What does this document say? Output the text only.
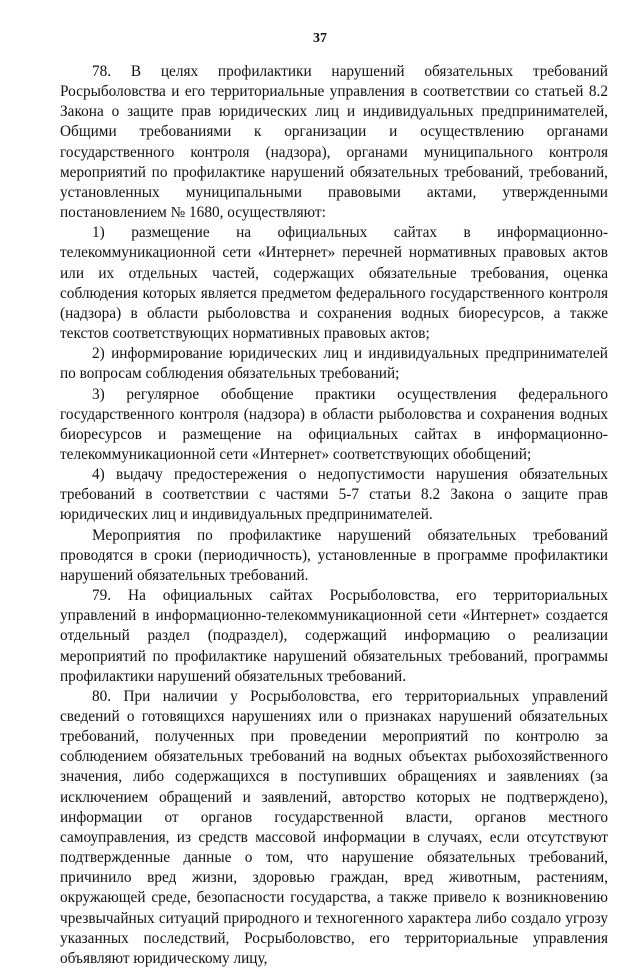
37

78. В целях профилактики нарушений обязательных требований Росрыболовства и его территориальные управления в соответствии со статьей 8.2 Закона о защите прав юридических лиц и индивидуальных предпринимателей, Общими требованиями к организации и осуществлению органами государственного контроля (надзора), органами муниципального контроля мероприятий по профилактике нарушений обязательных требований, требований, установленных муниципальными правовыми актами, утвержденными постановлением № 1680, осуществляют:

1) размещение на официальных сайтах в информационно-телекоммуникационной сети «Интернет» перечней нормативных правовых актов или их отдельных частей, содержащих обязательные требования, оценка соблюдения которых является предметом федерального государственного контроля (надзора) в области рыболовства и сохранения водных биоресурсов, а также текстов соответствующих нормативных правовых актов;

2) информирование юридических лиц и индивидуальных предпринимателей по вопросам соблюдения обязательных требований;

3) регулярное обобщение практики осуществления федерального государственного контроля (надзора) в области рыболовства и сохранения водных биоресурсов и размещение на официальных сайтах в информационно-телекоммуникационной сети «Интернет» соответствующих обобщений;

4) выдачу предостережения о недопустимости нарушения обязательных требований в соответствии с частями 5-7 статьи 8.2 Закона о защите прав юридических лиц и индивидуальных предпринимателей.

Мероприятия по профилактике нарушений обязательных требований проводятся в сроки (периодичность), установленные в программе профилактики нарушений обязательных требований.

79. На официальных сайтах Росрыболовства, его территориальных управлений в информационно-телекоммуникационной сети «Интернет» создается отдельный раздел (подраздел), содержащий информацию о реализации мероприятий по профилактике нарушений обязательных требований, программы профилактики нарушений обязательных требований.

80. При наличии у Росрыболовства, его территориальных управлений сведений о готовящихся нарушениях или о признаках нарушений обязательных требований, полученных при проведении мероприятий по контролю за соблюдением обязательных требований на водных объектах рыбохозяйственного значения, либо содержащихся в поступивших обращениях и заявлениях (за исключением обращений и заявлений, авторство которых не подтверждено), информации от органов государственной власти, органов местного самоуправления, из средств массовой информации в случаях, если отсутствуют подтвержденные данные о том, что нарушение обязательных требований, причинило вред жизни, здоровью граждан, вред животным, растениям, окружающей среде, безопасности государства, а также привело к возникновению чрезвычайных ситуаций природного и техногенного характера либо создало угрозу указанных последствий, Росрыболовство, его территориальные управления объявляют юридическому лицу,
